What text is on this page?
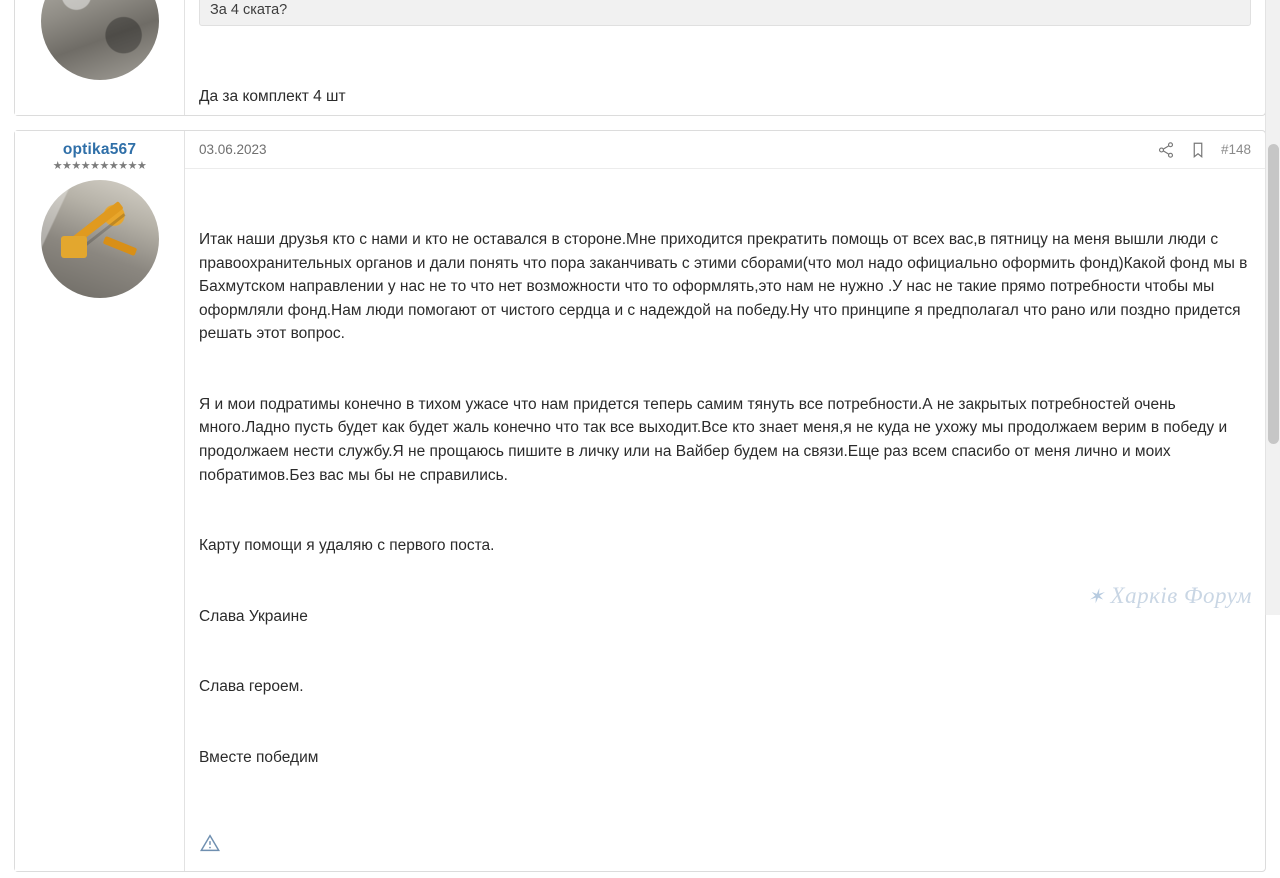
За 4 ската?

Да за комплект 4 шт

optika567
★★★★★★★★★★
03.06.2023	#148

Итак наши друзья кто с нами и кто не оставался в стороне.Мне приходится прекратить помощь от всех вас,в пятницу на меня вышли люди с правоохранительных органов и дали понять что пора заканчивать с этими сборами(что мол надо официально оформить фонд)Какой фонд мы в Бахмутском направлении у нас не то что нет возможности что то оформлять,это нам не нужно .У нас не такие прямо потребности чтобы мы оформляли фонд.Нам люди помогают от чистого сердца и с надеждой на победу.Ну что принципе я предполагал что рано или поздно придется решать этот вопрос.

Я и мои подратимы конечно в тихом ужасе что нам придется теперь самим тянуть все потребности.А не закрытых потребностей очень много.Ладно пусть будет как будет жаль конечно что так все выходит.Все кто знает меня,я не куда не ухожу мы продолжаем верим в победу и продолжаем нести службу.Я не прощаюсь пишите в личку или на Вайбер будем на связи.Еще раз всем спасибо от меня лично и моих побратимов.Без вас мы бы не справились.

Карту помощи я удаляю с первого поста.

Слава Украине

Слава героем.

Вместе победим

✶ Харків Форум
